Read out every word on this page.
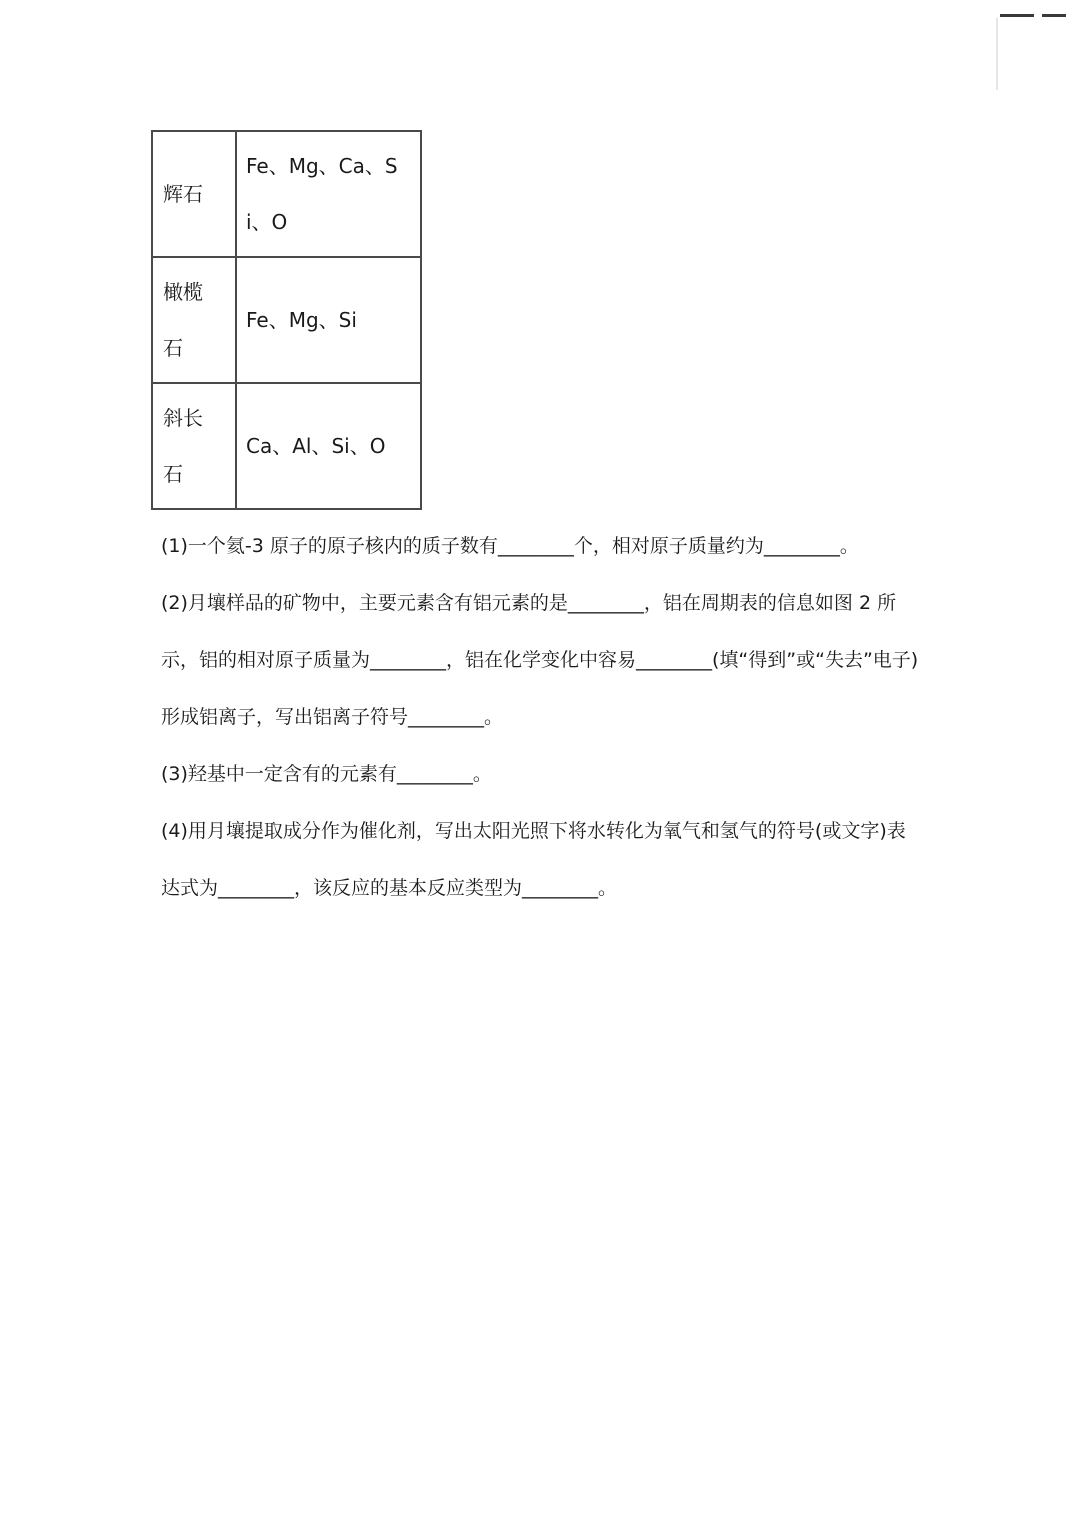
辉石	Fe、Mg、Ca、Si、O

橄榄石	Fe、Mg、Si

斜长石	Ca、Al、Si、O

(1)一个氦-3 原子的原子核内的质子数有________个，相对原子质量约为________。

(2)月壤样品的矿物中，主要元素含有铝元素的是________，铝在周期表的信息如图 2 所示，铝的相对原子质量为________，铝在化学变化中容易________(填“得到”或“失去”电子)形成铝离子，写出铝离子符号________。

(3)羟基中一定含有的元素有________。

(4)用月壤提取成分作为催化剂，写出太阳光照下将水转化为氧气和氢气的符号(或文字)表达式为________，该反应的基本反应类型为________。
